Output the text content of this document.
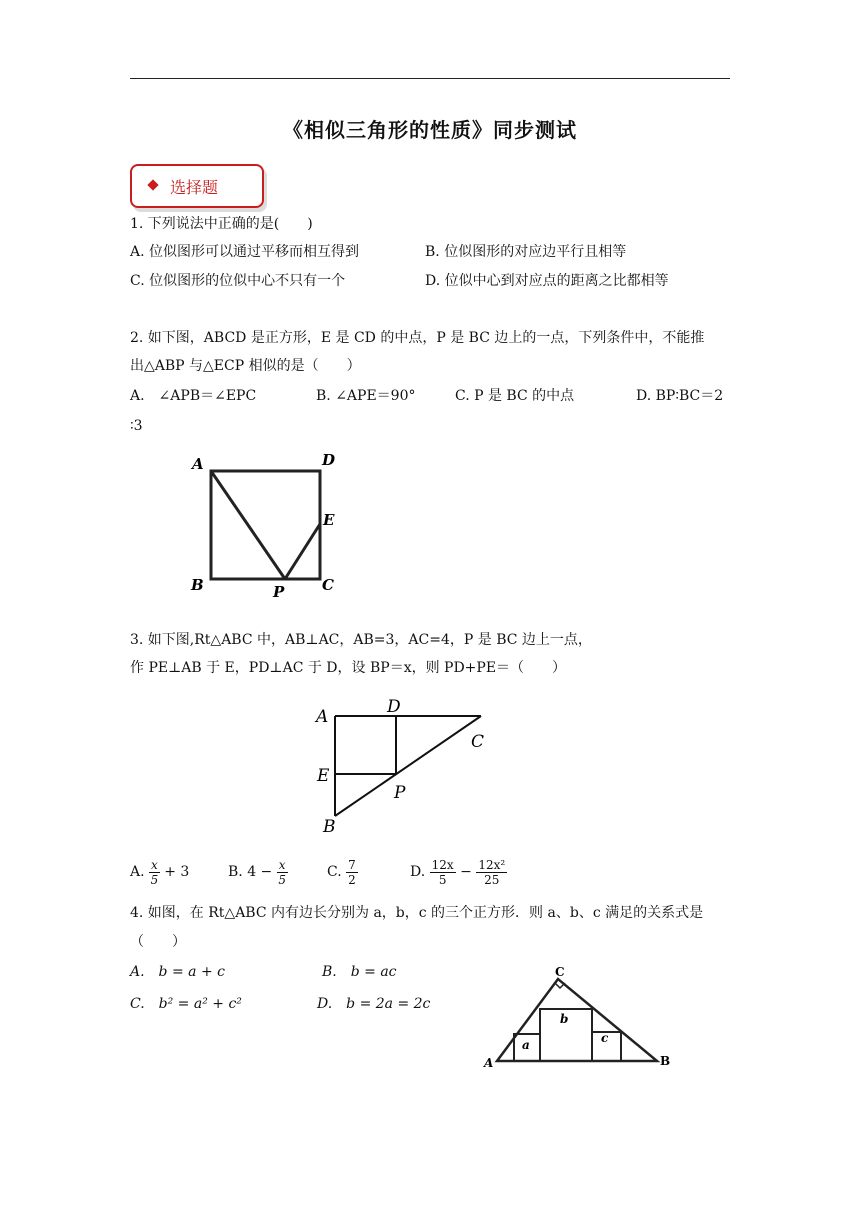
《相似三角形的性质》同步测试
选择题
1. 下列说法中正确的是(　　)
A. 位似图形可以通过平移而相互得到	B. 位似图形的对应边平行且相等
C. 位似图形的位似中心不只有一个	D. 位似中心到对应点的距离之比都相等
2. 如下图，ABCD 是正方形，E 是 CD 的中点，P 是 BC 边上的一点，下列条件中，不能推
出△ABP 与△ECP 相似的是（　　）
A.　∠APB＝∠EPC	B. ∠APE＝90°	C. P 是 BC 的中点	D. BP∶BC＝2
∶3
A	D
E
B	C
P
3. 如下图,Rt△ABC 中，AB⊥AC，AB=3，AC=4，P 是 BC 边上一点，
作 PE⊥AB 于 E，PD⊥AC 于 D，设 BP＝x，则 PD+PE＝（　　）
A	D
C
E
P
B
A. $\frac{x}{5} + 3$	B. $4 - \frac{x}{5}$	C. $\frac{7}{2}$	D. $\frac{12x}{5} - \frac{\text{12x²}}{25}$
4. 如图，在 Rt△ABC 内有边长分别为 a，b，c 的三个正方形．则 a、b、c 满足的关系式是
（　　）
A.　b = a + c	B.　b = ac
C.　b² = a² + c²	D.　b = 2a = 2c
C
A	B
a
b
c
